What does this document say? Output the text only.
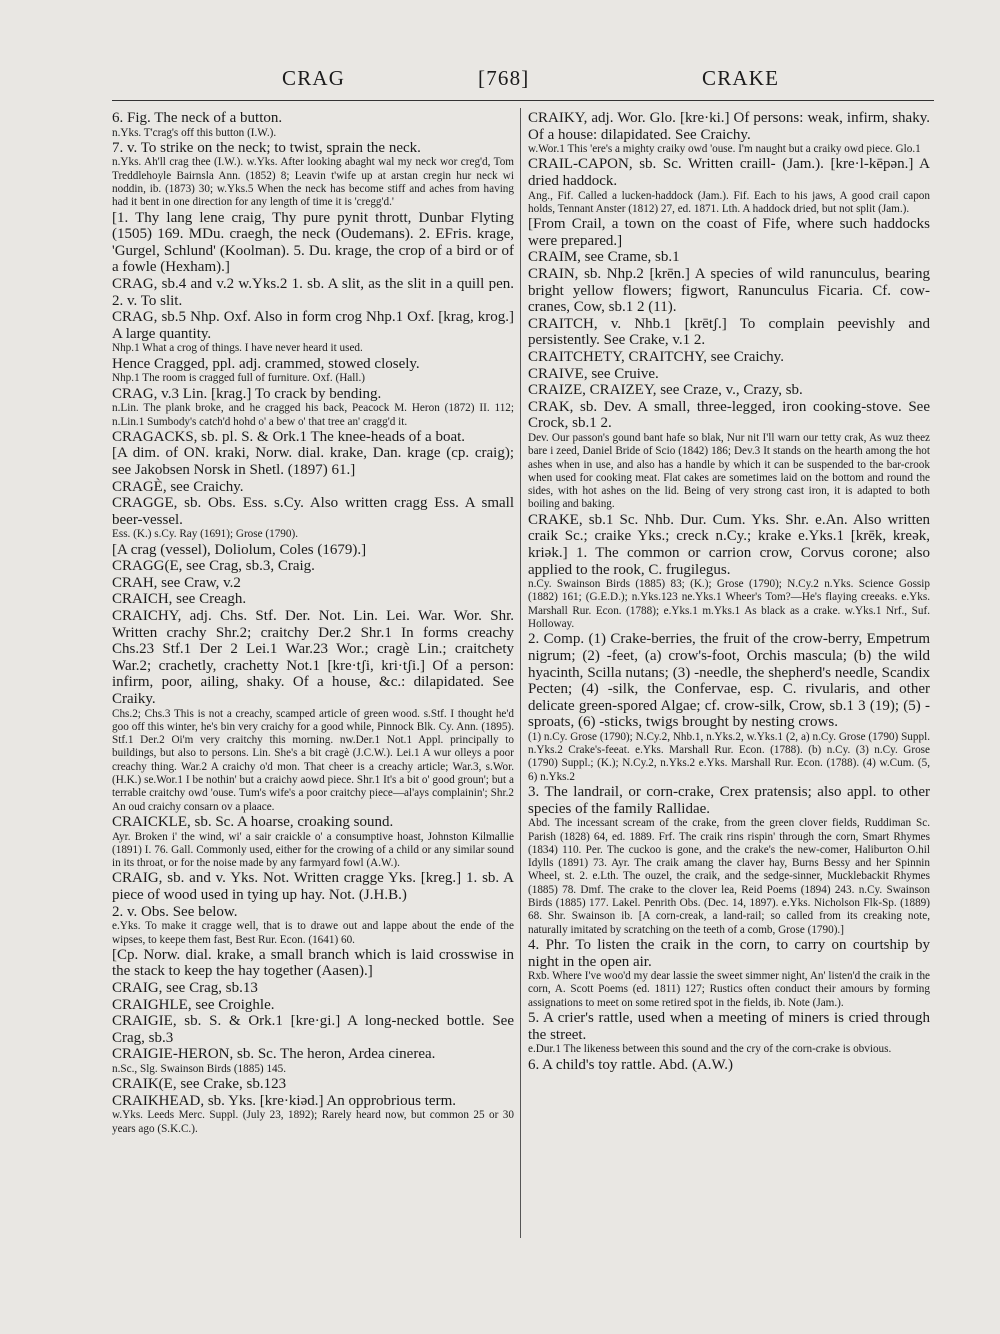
CRAG	[768]	CRAKE

6. Fig. The neck of a button.

n.Yks. T'crag's off this button (I.W.).

7. v. To strike on the neck; to twist, sprain the neck.

n.Yks. Ah'll crag thee (I.W.). w.Yks. After looking abaght wal my neck wor creg'd, Tom Treddlehoyle Bairnsla Ann. (1852) 8; Leavin t'wife up at arstan cregin hur neck wi noddin, ib. (1873) 30; w.Yks.5 When the neck has become stiff and aches from having had it bent in one direction for any length of time it is 'cregg'd.'

[1. Thy lang lene craig, Thy pure pynit thrott, Dunbar Flyting (1505) 169. MDu. craegh, the neck (Oudemans). 2. EFris. krage, 'Gurgel, Schlund' (Koolman). 5. Du. krage, the crop of a bird or of a fowle (Hexham).]

CRAG, sb.4 and v.2 w.Yks.2 1. sb. A slit, as the slit in a quill pen. 2. v. To slit.

CRAG, sb.5 Nhp. Oxf. Also in form crog Nhp.1 Oxf. [krag, krog.] A large quantity.

Nhp.1 What a crog of things. I have never heard it used.

Hence Cragged, ppl. adj. crammed, stowed closely.

Nhp.1 The room is cragged full of furniture. Oxf. (Hall.)

CRAG, v.3 Lin. [krag.] To crack by bending.

n.Lin. The plank broke, and he cragged his back, Peacock M. Heron (1872) II. 112; n.Lin.1 Sumbody's catch'd hohd o' a bew o' that tree an' cragg'd it.

CRAGACKS, sb. pl. S. & Ork.1 The knee-heads of a boat.

[A dim. of ON. kraki, Norw. dial. krake, Dan. krage (cp. craig); see Jakobsen Norsk in Shetl. (1897) 61.]

CRAGÈ, see Craichy.

CRAGGE, sb. Obs. Ess. s.Cy. Also written cragg Ess. A small beer-vessel.

Ess. (K.) s.Cy. Ray (1691); Grose (1790).

[A crag (vessel), Doliolum, Coles (1679).]

CRAGG(E, see Crag, sb.3, Craig.

CRAH, see Craw, v.2

CRAICH, see Creagh.

CRAICHY, adj. Chs. Stf. Der. Not. Lin. Lei. War. Wor. Shr. Written crachy Shr.2; craitchy Der.2 Shr.1 In forms creachy Chs.23 Stf.1 Der 2 Lei.1 War.23 Wor.; cragè Lin.; craitchety War.2; crachetly, crachetty Not.1 [kre·tʃi, kri·tʃi.] Of a person: infirm, poor, ailing, shaky. Of a house, &c.: dilapidated. See Craiky.

Chs.2; Chs.3 This is not a creachy, scamped article of green wood. s.Stf. I thought he'd goo off this winter, he's bin very craichy for a good while, Pinnock Blk. Cy. Ann. (1895). Stf.1 Der.2 Oi'm very craitchy this morning. nw.Der.1 Not.1 Appl. principally to buildings, but also to persons. Lin. She's a bit cragè (J.C.W.). Lei.1 A wur olleys a poor creachy thing. War.2 A craichy o'd mon. That cheer is a creachy article; War.3, s.Wor. (H.K.) se.Wor.1 I be nothin' but a craichy aowd piece. Shr.1 It's a bit o' good groun'; but a terrable craitchy owd 'ouse. Tum's wife's a poor craitchy piece—al'ays complainin'; Shr.2 An oud craichy consarn ov a plaace.

CRAICKLE, sb. Sc. A hoarse, croaking sound.

Ayr. Broken i' the wind, wi' a sair craickle o' a consumptive hoast, Johnston Kilmallie (1891) I. 76. Gall. Commonly used, either for the crowing of a child or any similar sound in its throat, or for the noise made by any farmyard fowl (A.W.).

CRAIG, sb. and v. Yks. Not. Written cragge Yks. [kreg.] 1. sb. A piece of wood used in tying up hay. Not. (J.H.B.)

2. v. Obs. See below.

e.Yks. To make it cragge well, that is to drawe out and lappe about the ende of the wipses, to keepe them fast, Best Rur. Econ. (1641) 60.

[Cp. Norw. dial. krake, a small branch which is laid crosswise in the stack to keep the hay together (Aasen).]

CRAIG, see Crag, sb.13

CRAIGHLE, see Croighle.

CRAIGIE, sb. S. & Ork.1 [kre·gi.] A long-necked bottle. See Crag, sb.3

CRAIGIE-HERON, sb. Sc. The heron, Ardea cinerea.

n.Sc., Slg. Swainson Birds (1885) 145.

CRAIK(E, see Crake, sb.123

CRAIKHEAD, sb. Yks. [kre·kiəd.] An opprobrious term.

w.Yks. Leeds Merc. Suppl. (July 23, 1892); Rarely heard now, but common 25 or 30 years ago (S.K.C.).

CRAIKY, adj. Wor. Glo. [kre·ki.] Of persons: weak, infirm, shaky. Of a house: dilapidated. See Craichy.

w.Wor.1 This 'ere's a mighty craiky owd 'ouse. I'm naught but a craiky owd piece. Glo.1

CRAIL-CAPON, sb. Sc. Written craill- (Jam.). [kre·l-kēpən.] A dried haddock.

Ang., Fif. Called a lucken-haddock (Jam.). Fif. Each to his jaws, A good crail capon holds, Tennant Anster (1812) 27, ed. 1871. Lth. A haddock dried, but not split (Jam.).

[From Crail, a town on the coast of Fife, where such haddocks were prepared.]

CRAIM, see Crame, sb.1

CRAIN, sb. Nhp.2 [krēn.] A species of wild ranunculus, bearing bright yellow flowers; figwort, Ranunculus Ficaria. Cf. cow-cranes, Cow, sb.1 2 (11).

CRAITCH, v. Nhb.1 [krētʃ.] To complain peevishly and persistently. See Crake, v.1 2.

CRAITCHETY, CRAITCHY, see Craichy.

CRAIVE, see Cruive.

CRAIZE, CRAIZEY, see Craze, v., Crazy, sb.

CRAK, sb. Dev. A small, three-legged, iron cooking-stove. See Crock, sb.1 2.

Dev. Our passon's gound bant hafe so blak, Nur nit I'll warn our tetty crak, As wuz theez bare i zeed, Daniel Bride of Scio (1842) 186; Dev.3 It stands on the hearth among the hot ashes when in use, and also has a handle by which it can be suspended to the bar-crook when used for cooking meat. Flat cakes are sometimes laid on the bottom and round the sides, with hot ashes on the lid. Being of very strong cast iron, it is adapted to both boiling and baking.

CRAKE, sb.1 Sc. Nhb. Dur. Cum. Yks. Shr. e.An. Also written craik Sc.; craike Yks.; creck n.Cy.; krake e.Yks.1 [krēk, kreək, kriək.] 1. The common or carrion crow, Corvus corone; also applied to the rook, C. frugilegus.

n.Cy. Swainson Birds (1885) 83; (K.); Grose (1790); N.Cy.2 n.Yks. Science Gossip (1882) 161; (G.E.D.); n.Yks.123 ne.Yks.1 Wheer's Tom?—He's flaying creeaks. e.Yks. Marshall Rur. Econ. (1788); e.Yks.1 m.Yks.1 As black as a crake. w.Yks.1 Nrf., Suf. Holloway.

2. Comp. (1) Crake-berries, the fruit of the crow-berry, Empetrum nigrum; (2) -feet, (a) crow's-foot, Orchis mascula; (b) the wild hyacinth, Scilla nutans; (3) -needle, the shepherd's needle, Scandix Pecten; (4) -silk, the Confervae, esp. C. rivularis, and other delicate green-spored Algae; cf. crow-silk, Crow, sb.1 3 (19); (5) -sproats, (6) -sticks, twigs brought by nesting crows.

(1) n.Cy. Grose (1790); N.Cy.2, Nhb.1, n.Yks.2, w.Yks.1 (2, a) n.Cy. Grose (1790) Suppl. n.Yks.2 Crake's-feeat. e.Yks. Marshall Rur. Econ. (1788). (b) n.Cy. (3) n.Cy. Grose (1790) Suppl.; (K.); N.Cy.2, n.Yks.2 e.Yks. Marshall Rur. Econ. (1788). (4) w.Cum. (5, 6) n.Yks.2

3. The landrail, or corn-crake, Crex pratensis; also appl. to other species of the family Rallidae.

Abd. The incessant scream of the crake, from the green clover fields, Ruddiman Sc. Parish (1828) 64, ed. 1889. Frf. The craik rins rispin' through the corn, Smart Rhymes (1834) 110. Per. The cuckoo is gone, and the crake's the new-comer, Haliburton O.hil Idylls (1891) 73. Ayr. The craik amang the claver hay, Burns Bessy and her Spinnin Wheel, st. 2. e.Lth. The ouzel, the craik, and the sedge-sinner, Mucklebackit Rhymes (1885) 78. Dmf. The crake to the clover lea, Reid Poems (1894) 243. n.Cy. Swainson Birds (1885) 177. Lakel. Penrith Obs. (Dec. 14, 1897). e.Yks. Nicholson Flk-Sp. (1889) 68. Shr. Swainson ib. [A corn-creak, a land-rail; so called from its creaking note, naturally imitated by scratching on the teeth of a comb, Grose (1790).]

4. Phr. To listen the craik in the corn, to carry on courtship by night in the open air.

Rxb. Where I've woo'd my dear lassie the sweet simmer night, An' listen'd the craik in the corn, A. Scott Poems (ed. 1811) 127; Rustics often conduct their amours by forming assignations to meet on some retired spot in the fields, ib. Note (Jam.).

5. A crier's rattle, used when a meeting of miners is cried through the street.

e.Dur.1 The likeness between this sound and the cry of the corn-crake is obvious.

6. A child's toy rattle. Abd. (A.W.)
